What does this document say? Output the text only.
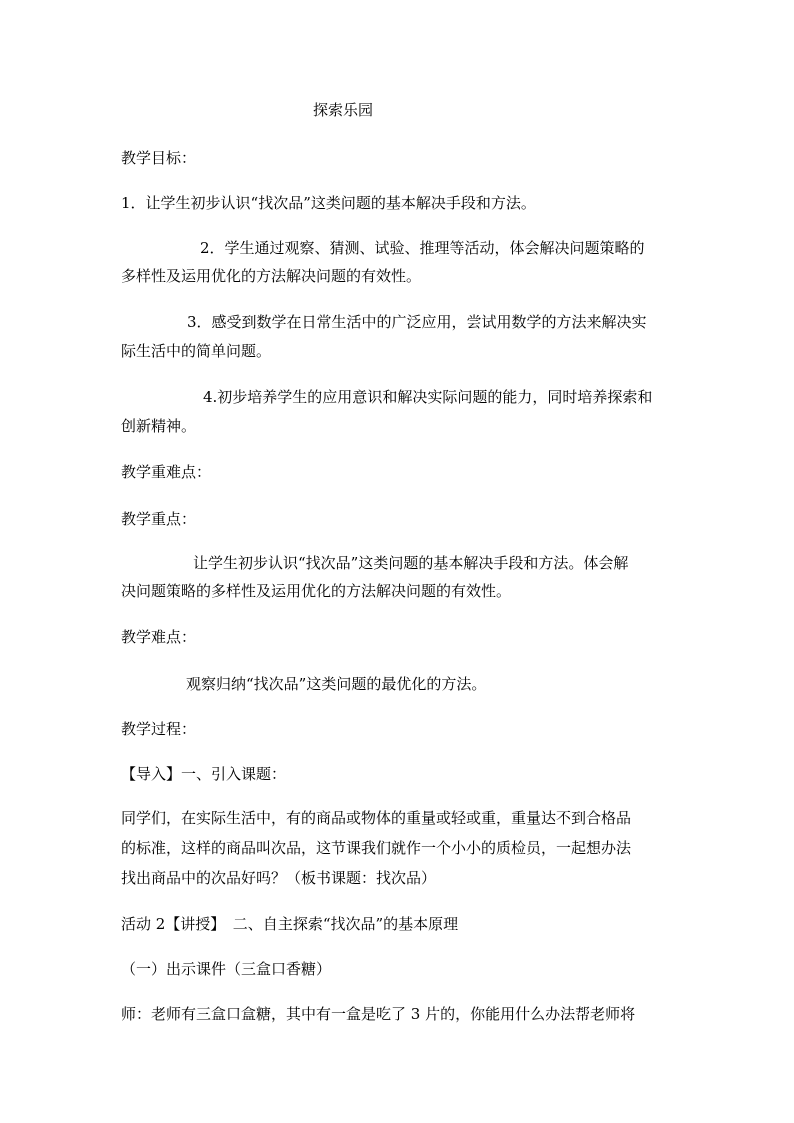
探索乐园
教学目标：
1．让学生初步认识“找次品”这类问题的基本解决手段和方法。
2．学生通过观察、猜测、试验、推理等活动，体会解决问题策略的
多样性及运用优化的方法解决问题的有效性。
3．感受到数学在日常生活中的广泛应用，尝试用数学的方法来解决实
际生活中的简单问题。
4.初步培养学生的应用意识和解决实际问题的能力，同时培养探索和
创新精神。
教学重难点：
教学重点：
让学生初步认识“找次品”这类问题的基本解决手段和方法。体会解
决问题策略的多样性及运用优化的方法解决问题的有效性。
教学难点：
观察归纳“找次品”这类问题的最优化的方法。
教学过程：
【导入】一、引入课题：
同学们，在实际生活中，有的商品或物体的重量或轻或重，重量达不到合格品
的标准，这样的商品叫次品，这节课我们就作一个小小的质检员，一起想办法
找出商品中的次品好吗？（板书课题：找次品）
活动 2【讲授】　二、自主探索“找次品”的基本原理
（一）出示课件（三盒口香糖）
师：老师有三盒口盒糖，其中有一盒是吃了 3 片的，你能用什么办法帮老师将
